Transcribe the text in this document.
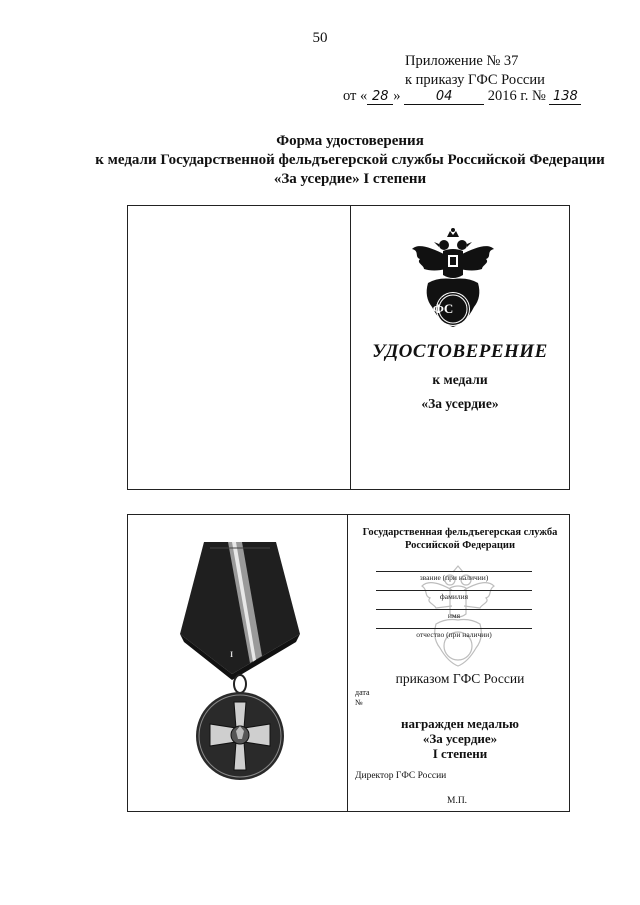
50
Приложение № 37
к приказу ГФС России
от « 28 »	04 2016 г. № 138
Форма удостоверения
к медали Государственной фельдъегерской службы Российской Федерации
«За усердие» I степени
ФС
УДОСТОВЕРЕНИЕ
к медали
«За усердие»
I
Государственная фельдъегерская служба
Российской Федерации
звание (при наличии)
фамилия
имя
отчество (при наличии)
приказом ГФС России
дата
№
награжден медалью
«За усердие»
I степени
Директор ГФС России
М.П.
